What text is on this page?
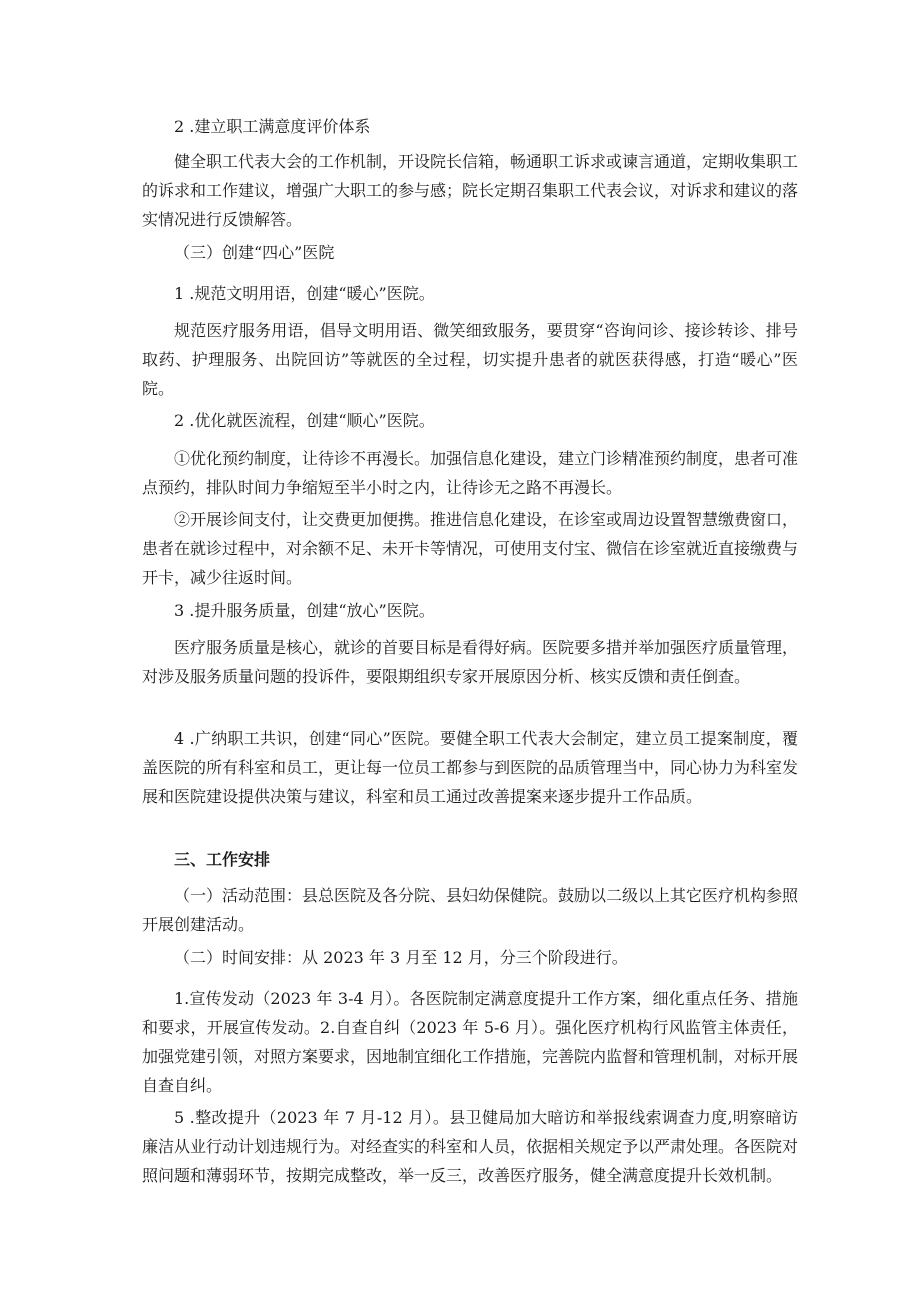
2 .建立职工满意度评价体系

健全职工代表大会的工作机制，开设院长信箱，畅通职工诉求或谏言通道，定期收集职工的诉求和工作建议，增强广大职工的参与感；院长定期召集职工代表会议，对诉求和建议的落实情况进行反馈解答。

（三）创建“四心”医院

1 .规范文明用语，创建“暖心”医院。

规范医疗服务用语，倡导文明用语、微笑细致服务，要贯穿“咨询问诊、接诊转诊、排号取药、护理服务、出院回访”等就医的全过程，切实提升患者的就医获得感，打造“暖心”医院。

2 .优化就医流程，创建“顺心”医院。

①优化预约制度，让待诊不再漫长。加强信息化建设，建立门诊精准预约制度，患者可准点预约，排队时间力争缩短至半小时之内，让待诊无之路不再漫长。

②开展诊间支付，让交费更加便携。推进信息化建设，在诊室或周边设置智慧缴费窗口，患者在就诊过程中，对余额不足、未开卡等情况，可使用支付宝、微信在诊室就近直接缴费与开卡，减少往返时间。

3 .提升服务质量，创建“放心”医院。

医疗服务质量是核心，就诊的首要目标是看得好病。医院要多措并举加强医疗质量管理，对涉及服务质量问题的投诉件，要限期组织专家开展原因分析、核实反馈和责任倒查。

4 .广纳职工共识，创建“同心”医院。要健全职工代表大会制定，建立员工提案制度，覆盖医院的所有科室和员工，更让每一位员工都参与到医院的品质管理当中，同心协力为科室发展和医院建设提供决策与建议，科室和员工通过改善提案来逐步提升工作品质。

三、工作安排

（一）活动范围：县总医院及各分院、县妇幼保健院。鼓励以二级以上其它医疗机构参照开展创建活动。

（二）时间安排：从 2023 年 3 月至 12 月，分三个阶段进行。

1.宣传发动（2023 年 3-4 月）。各医院制定满意度提升工作方案，细化重点任务、措施和要求，开展宣传发动。2.自查自纠（2023 年 5-6 月）。强化医疗机构行风监管主体责任，加强党建引领，对照方案要求，因地制宜细化工作措施，完善院内监督和管理机制，对标开展自查自纠。

5 .整改提升（2023 年 7 月-12 月）。县卫健局加大暗访和举报线索调查力度,明察暗访廉洁从业行动计划违规行为。对经查实的科室和人员，依据相关规定予以严肃处理。各医院对照问题和薄弱环节，按期完成整改，举一反三，改善医疗服务，健全满意度提升长效机制。
